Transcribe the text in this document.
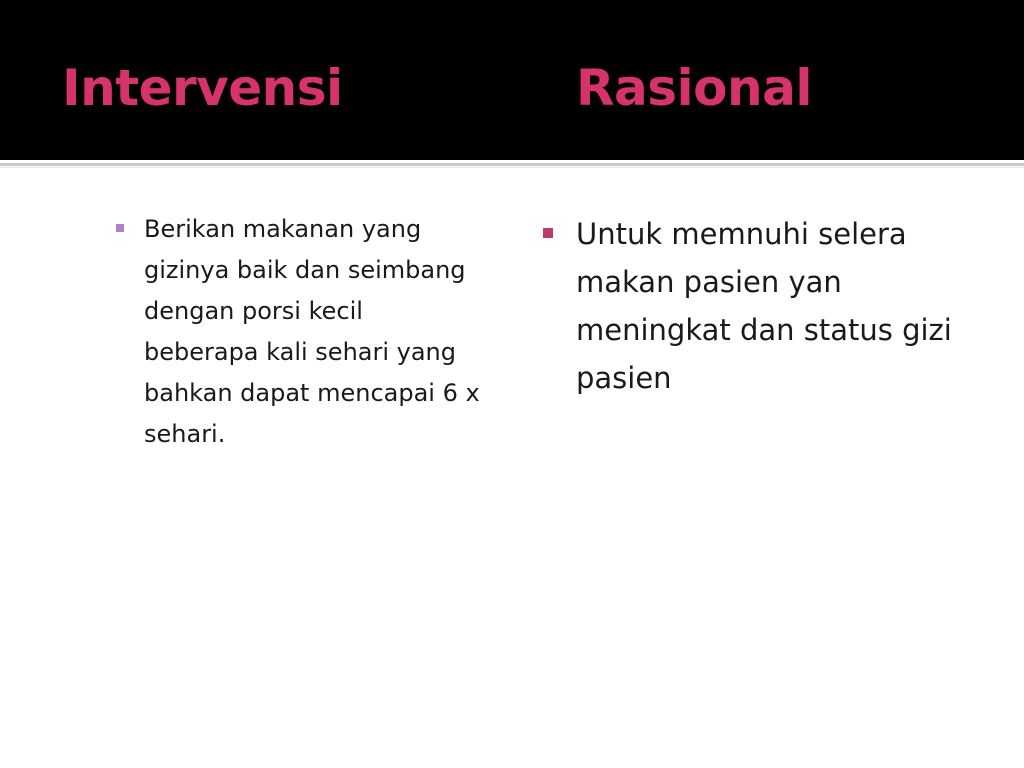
Intervensi	Rasional
Berikan makanan yang gizinya baik dan seimbang dengan porsi kecil beberapa kali sehari yang bahkan dapat mencapai 6 x sehari.
Untuk memnuhi selera makan pasien yan meningkat dan status gizi pasien
